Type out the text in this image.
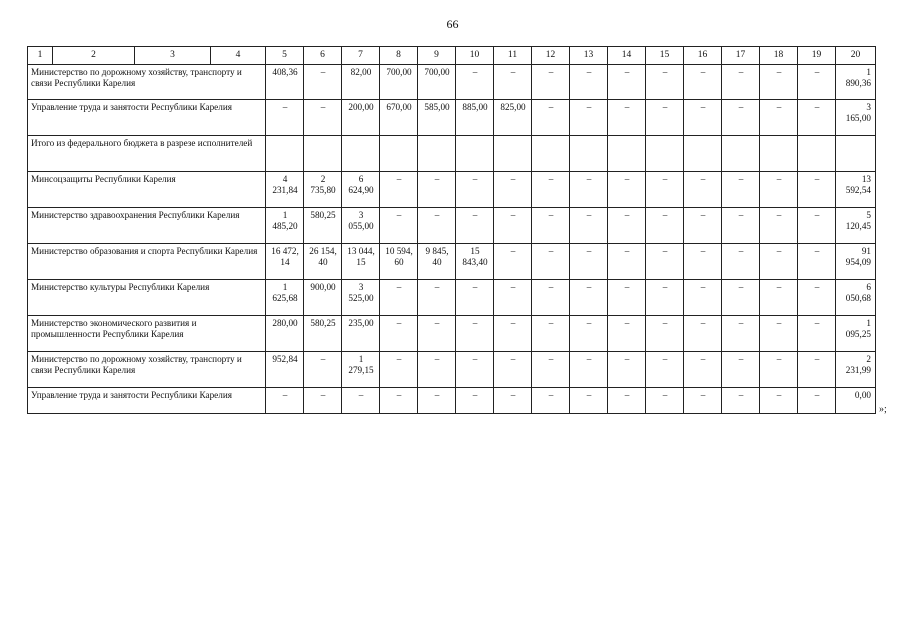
66
1	2	3	4	5	6	7	8	9	10	11	12	13	14	15	16	17	18	19	20
Министерство по дорожному хозяйству, транспорту и связи Республики Карелия				408,36	–	82,00	700,00	700,00	–	–	–	–	–	–	–	–	–	–	1 890,36
Управление труда и занятости Республики Карелия				–	–	200,00	670,00	585,00	885,00	825,00	–	–	–	–	–	–	–	–	3 165,00
Итого из федерального бюджета в разрезе исполнителей																			
Минсоцзащиты Республики Карелия				4 231,84	2 735,80	6 624,90	–	–	–	–	–	–	–	–	–	–	–	–	13 592,54
Министерство здравоохранения Республики Карелия				1 485,20	580,25	3 055,00	–	–	–	–	–	–	–	–	–	–	–	–	5 120,45
Министерство образования и спорта Республики Карелия				16 472, 14	26 154, 40	13 044, 15	10 594, 60	9 845, 40	15 843,40	–	–	–	–	–	–	–	–	–	91 954,09
Министерство культуры Республики Карелия				1 625,68	900,00	3 525,00	–	–	–	–	–	–	–	–	–	–	–	–	6 050,68
Министерство экономического развития и промышленности Республики Карелия				280,00	580,25	235,00	–	–	–	–	–	–	–	–	–	–	–	–	1 095,25
Министерство по дорожному хозяйству, транспорту и связи Республики Карелия				952,84	–	1 279,15	–	–	–	–	–	–	–	–	–	–	–	–	2 231,99
Управление труда и занятости Республики Карелия				–	–	–	–	–	–	–	–	–	–	–	–	–	–	–	0,00
»;
